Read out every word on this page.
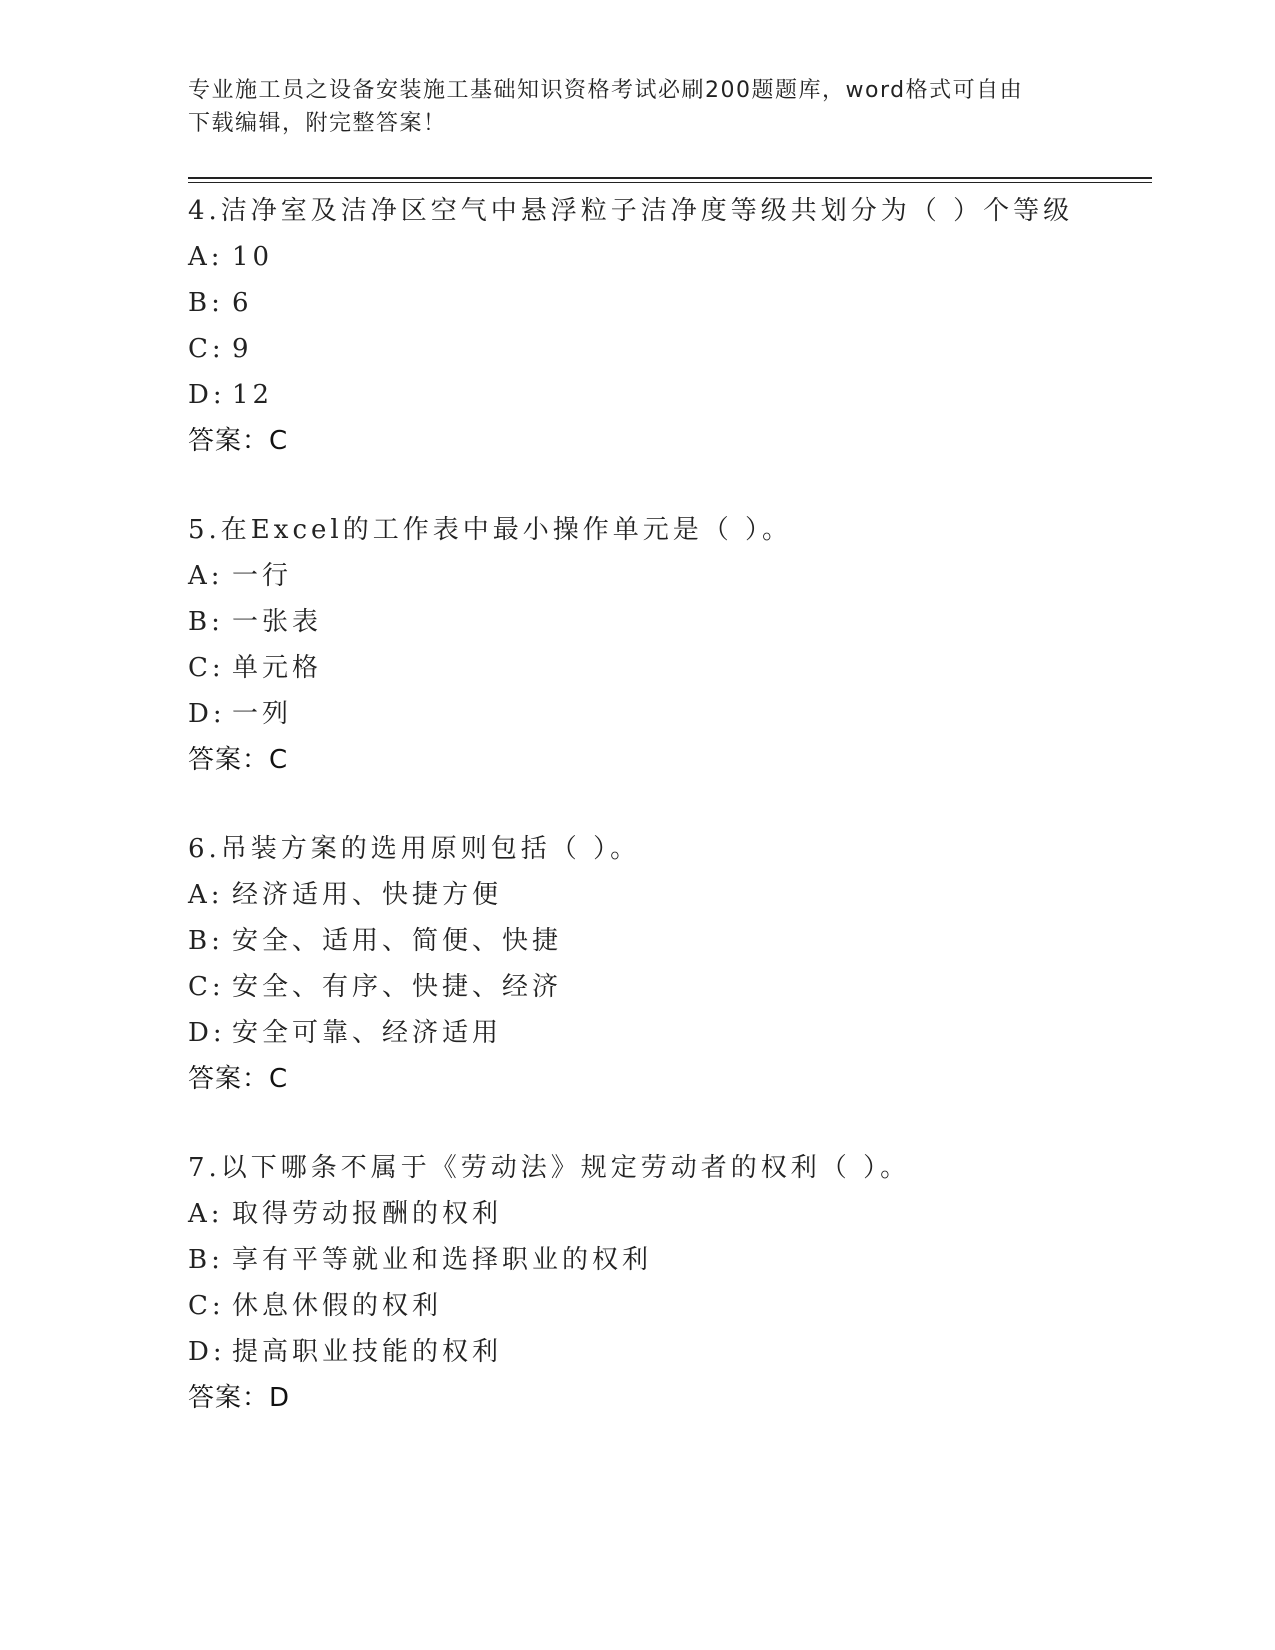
专业施工员之设备安装施工基础知识资格考试必刷200题题库，word格式可自由
下载编辑，附完整答案！
4.洁净室及洁净区空气中悬浮粒子洁净度等级共划分为（ ）个等级
A: 10
B: 6
C: 9
D: 12
答案：C
5.在Excel的工作表中最小操作单元是（ ）。
A: 一行
B: 一张表
C: 单元格
D: 一列
答案：C
6.吊装方案的选用原则包括（ ）。
A: 经济适用、快捷方便
B: 安全、适用、简便、快捷
C: 安全、有序、快捷、经济
D: 安全可靠、经济适用
答案：C
7.以下哪条不属于《劳动法》规定劳动者的权利（ ）。
A: 取得劳动报酬的权利
B: 享有平等就业和选择职业的权利
C: 休息休假的权利
D: 提高职业技能的权利
答案：D
